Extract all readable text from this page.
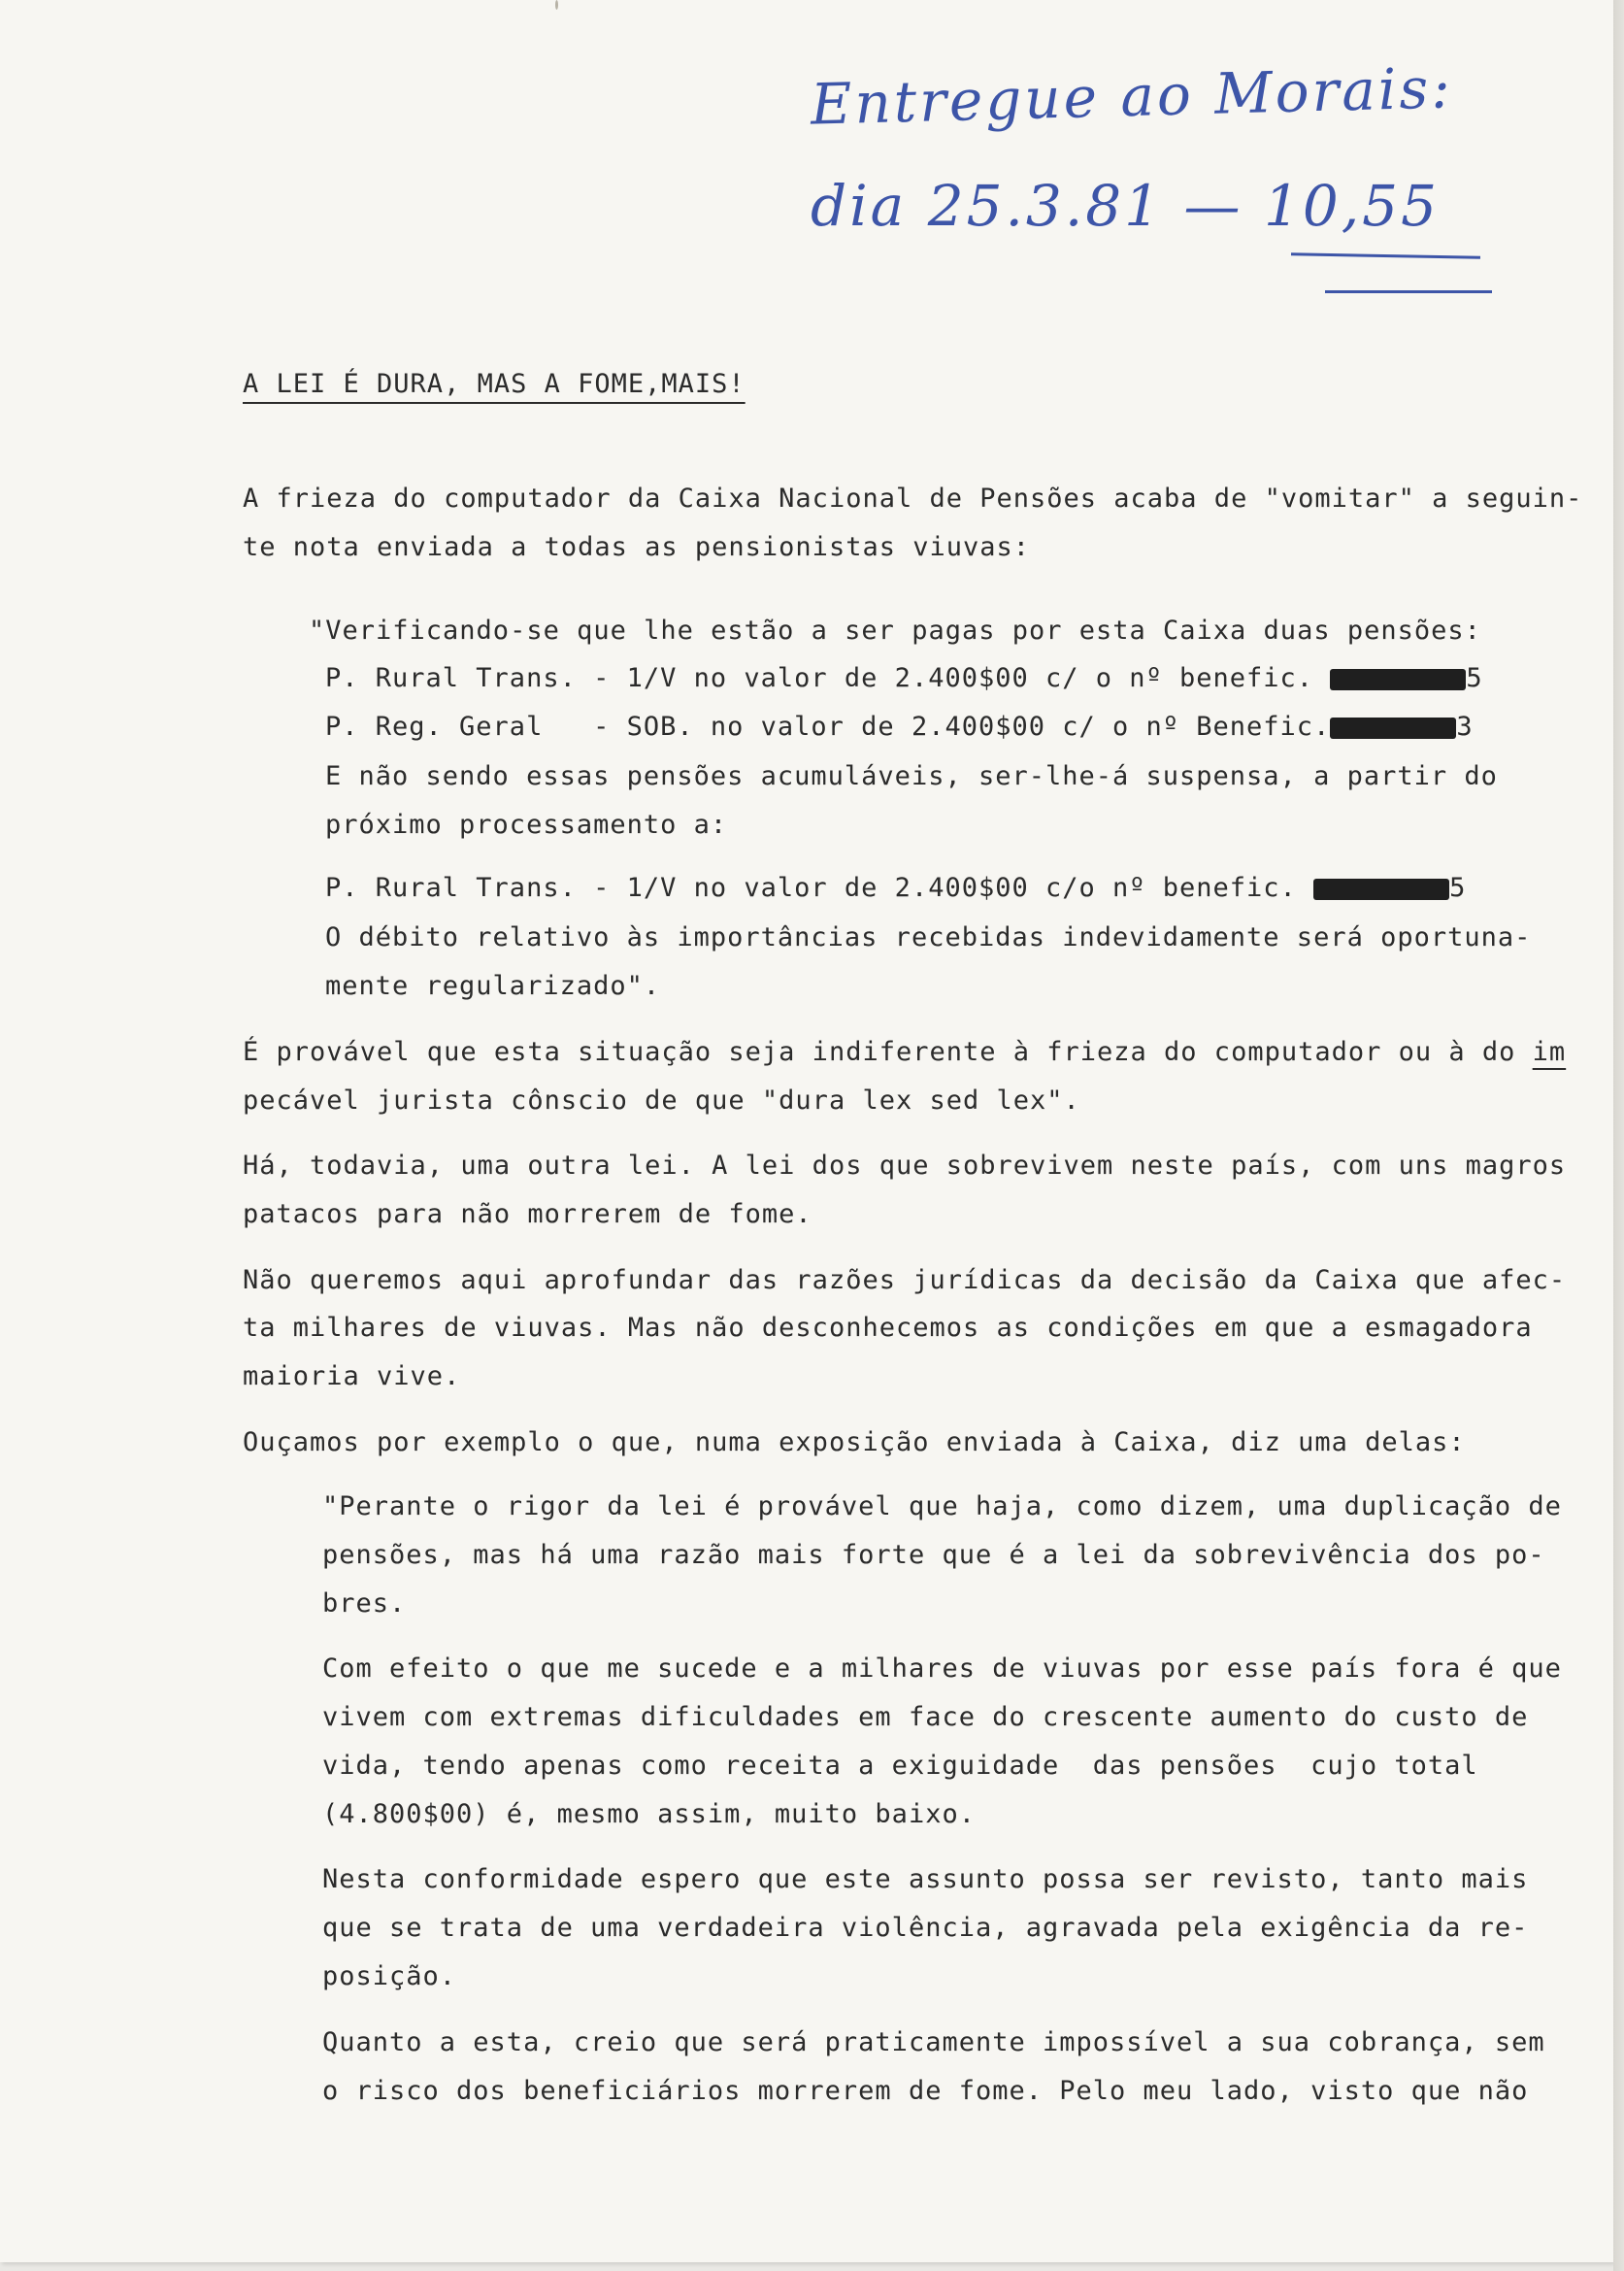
Entregue ao Morais:
dia 25.3.81 — 10,55
A LEI É DURA, MAS A FOME,MAIS!
A frieza do computador da Caixa Nacional de Pensões acaba de "vomitar" a seguin-
te nota enviada a todas as pensionistas viuvas:
"Verificando-se que lhe estão a ser pagas por esta Caixa duas pensões:
P. Rural Trans. - 1/V no valor de 2.400$00 c/ o nº benefic.	5
P. Reg. Geral   - SOB. no valor de 2.400$00 c/ o nº Benefic.	3
E não sendo essas pensões acumuláveis, ser-lhe-á suspensa, a partir do
próximo processamento a:
P. Rural Trans. - 1/V no valor de 2.400$00 c/o nº benefic.	5
O débito relativo às importâncias recebidas indevidamente será oportuna-
mente regularizado".
É provável que esta situação seja indiferente à frieza do computador ou à do im
pecável jurista cônscio de que "dura lex sed lex".
Há, todavia, uma outra lei. A lei dos que sobrevivem neste país, com uns magros
patacos para não morrerem de fome.
Não queremos aqui aprofundar das razões jurídicas da decisão da Caixa que afec-
ta milhares de viuvas. Mas não desconhecemos as condições em que a esmagadora
maioria vive.
Ouçamos por exemplo o que, numa exposição enviada à Caixa, diz uma delas:
"Perante o rigor da lei é provável que haja, como dizem, uma duplicação de
pensões, mas há uma razão mais forte que é a lei da sobrevivência dos po-
bres.
Com efeito o que me sucede e a milhares de viuvas por esse país fora é que
vivem com extremas dificuldades em face do crescente aumento do custo de
vida, tendo apenas como receita a exiguidade  das pensões  cujo total
(4.800$00) é, mesmo assim, muito baixo.
Nesta conformidade espero que este assunto possa ser revisto, tanto mais
que se trata de uma verdadeira violência, agravada pela exigência da re-
posição.
Quanto a esta, creio que será praticamente impossível a sua cobrança, sem
o risco dos beneficiários morrerem de fome. Pelo meu lado, visto que não
